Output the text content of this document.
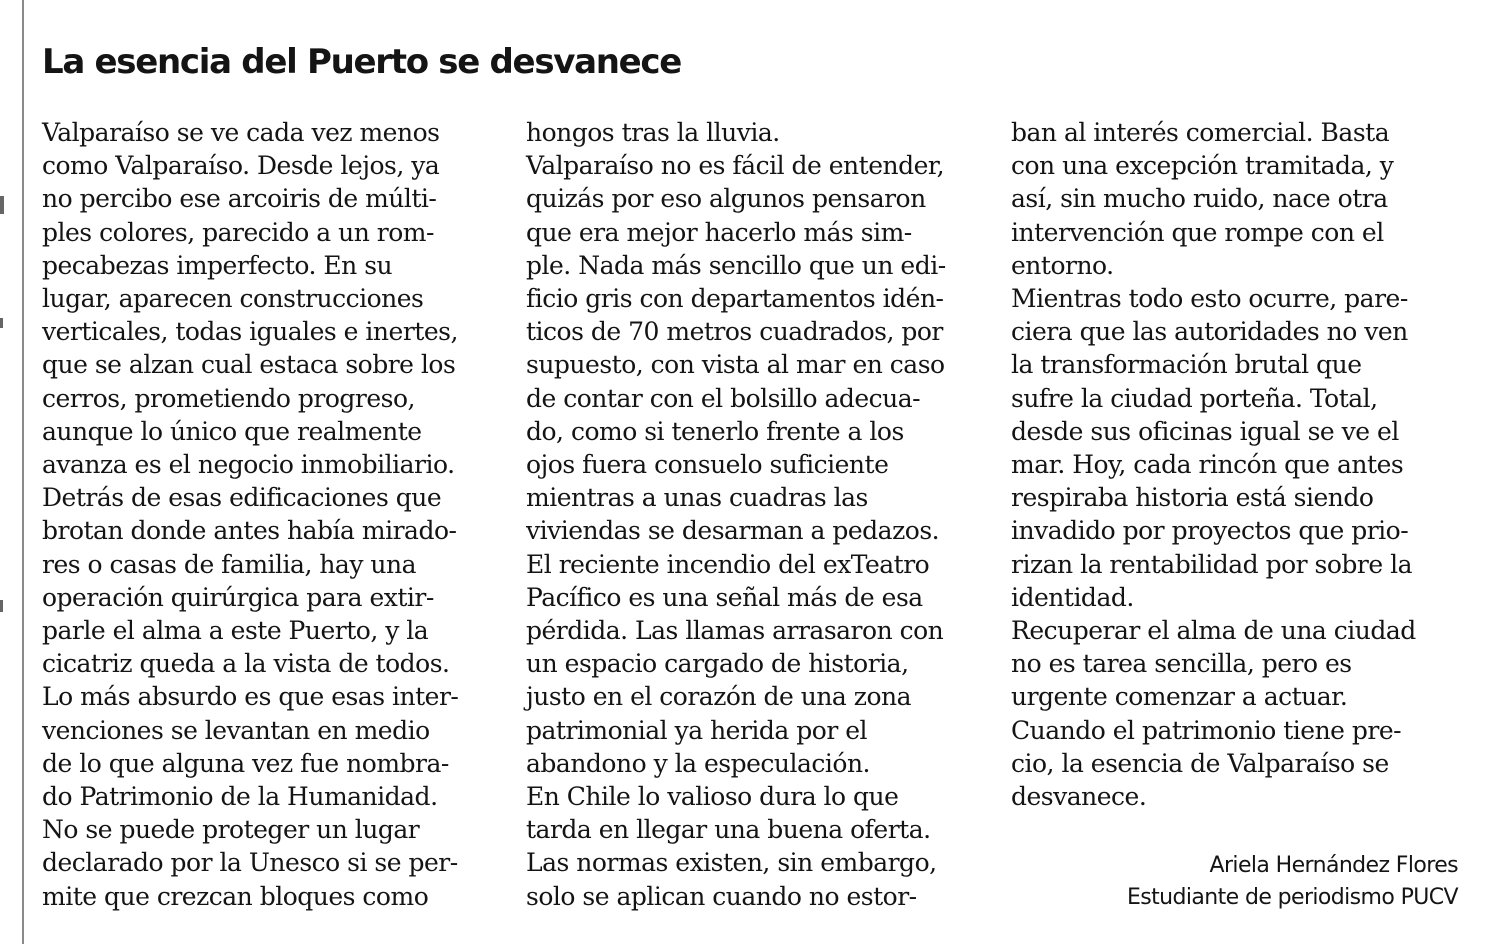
La esencia del Puerto se desvanece
Valparaíso se ve cada vez menos
como Valparaíso. Desde lejos, ya
no percibo ese arcoiris de múlti-
ples colores, parecido a un rom-
pecabezas imperfecto. En su
lugar, aparecen construcciones
verticales, todas iguales e inertes,
que se alzan cual estaca sobre los
cerros, prometiendo progreso,
aunque lo único que realmente
avanza es el negocio inmobiliario.
Detrás de esas edificaciones que
brotan donde antes había mirado-
res o casas de familia, hay una
operación quirúrgica para extir-
parle el alma a este Puerto, y la
cicatriz queda a la vista de todos.
Lo más absurdo es que esas inter-
venciones se levantan en medio
de lo que alguna vez fue nombra-
do Patrimonio de la Humanidad.
No se puede proteger un lugar
declarado por la Unesco si se per-
mite que crezcan bloques como
hongos tras la lluvia.
Valparaíso no es fácil de entender,
quizás por eso algunos pensaron
que era mejor hacerlo más sim-
ple. Nada más sencillo que un edi-
ficio gris con departamentos idén-
ticos de 70 metros cuadrados, por
supuesto, con vista al mar en caso
de contar con el bolsillo adecua-
do, como si tenerlo frente a los
ojos fuera consuelo suficiente
mientras a unas cuadras las
viviendas se desarman a pedazos.
El reciente incendio del exTeatro
Pacífico es una señal más de esa
pérdida. Las llamas arrasaron con
un espacio cargado de historia,
justo en el corazón de una zona
patrimonial ya herida por el
abandono y la especulación.
En Chile lo valioso dura lo que
tarda en llegar una buena oferta.
Las normas existen, sin embargo,
solo se aplican cuando no estor-
ban al interés comercial. Basta
con una excepción tramitada, y
así, sin mucho ruido, nace otra
intervención que rompe con el
entorno.
Mientras todo esto ocurre, pare-
ciera que las autoridades no ven
la transformación brutal que
sufre la ciudad porteña. Total,
desde sus oficinas igual se ve el
mar. Hoy, cada rincón que antes
respiraba historia está siendo
invadido por proyectos que prio-
rizan la rentabilidad por sobre la
identidad.
Recuperar el alma de una ciudad
no es tarea sencilla, pero es
urgente comenzar a actuar.
Cuando el patrimonio tiene pre-
cio, la esencia de Valparaíso se
desvanece.
Ariela Hernández Flores
Estudiante de periodismo PUCV
